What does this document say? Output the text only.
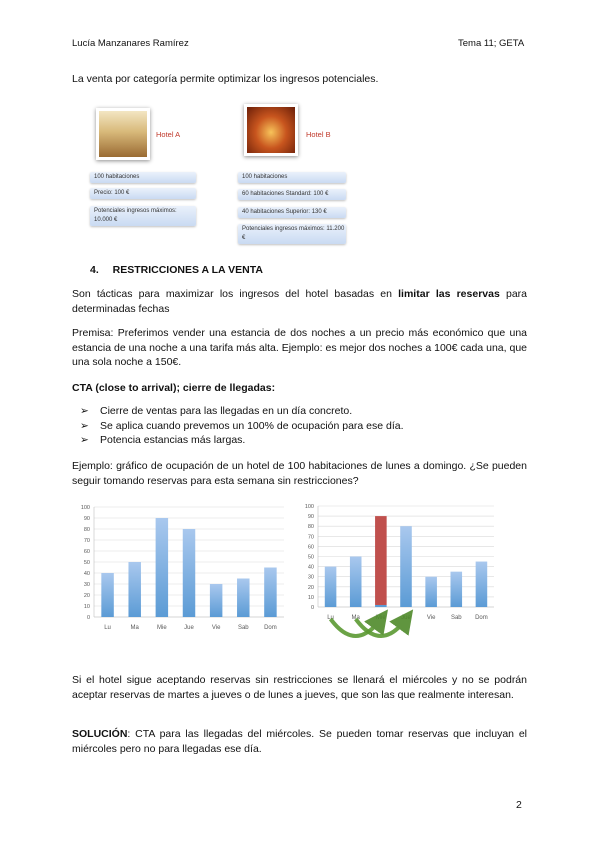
Lucía Manzanares Ramírez	Tema 11; GETA
La venta por categoría permite optimizar los ingresos potenciales.
Hotel A
100 habitaciones
Precio: 100 €
Potenciales ingresos máximos: 10.000 €
Hotel B
100 habitaciones
60 habitaciones Standard: 100 €
40 habitaciones Superior: 130 €
Potenciales ingresos máximos: 11.200 €
4. RESTRICCIONES A LA VENTA
Son tácticas para maximizar los ingresos del hotel basadas en limitar las reservas para determinadas fechas
Premisa: Preferimos vender una estancia de dos noches a un precio más económico que una estancia de una noche a una tarifa más alta. Ejemplo: es mejor dos noches a 100€ cada una, que una sola noche a 150€.
CTA (close to arrival); cierre de llegadas:
➢ Cierre de ventas para las llegadas en un día concreto.
➢ Se aplica cuando prevemos un 100% de ocupación para ese día.
➢ Potencia estancias más largas.
Ejemplo: gráfico de ocupación de un hotel de 100 habitaciones de lunes a domingo. ¿Se pueden seguir tomando reservas para esta semana sin restricciones?
0
10
20
30
40
50
60
70
80
90
100
Lu	Ma	Mie	Jue	Vie	Sab	Dom
0
10
20
30
40
50
60
70
80
90
100
Lu	Ma	Mie	Jue	Vie	Sab Dom
Si el hotel sigue aceptando reservas sin restricciones se llenará el miércoles y no se podrán aceptar reservas de martes a jueves o de lunes a jueves, que son las que realmente interesan.
SOLUCIÓN: CTA para las llegadas del miércoles. Se pueden tomar reservas que incluyan el miércoles pero no para llegadas ese día.
2
